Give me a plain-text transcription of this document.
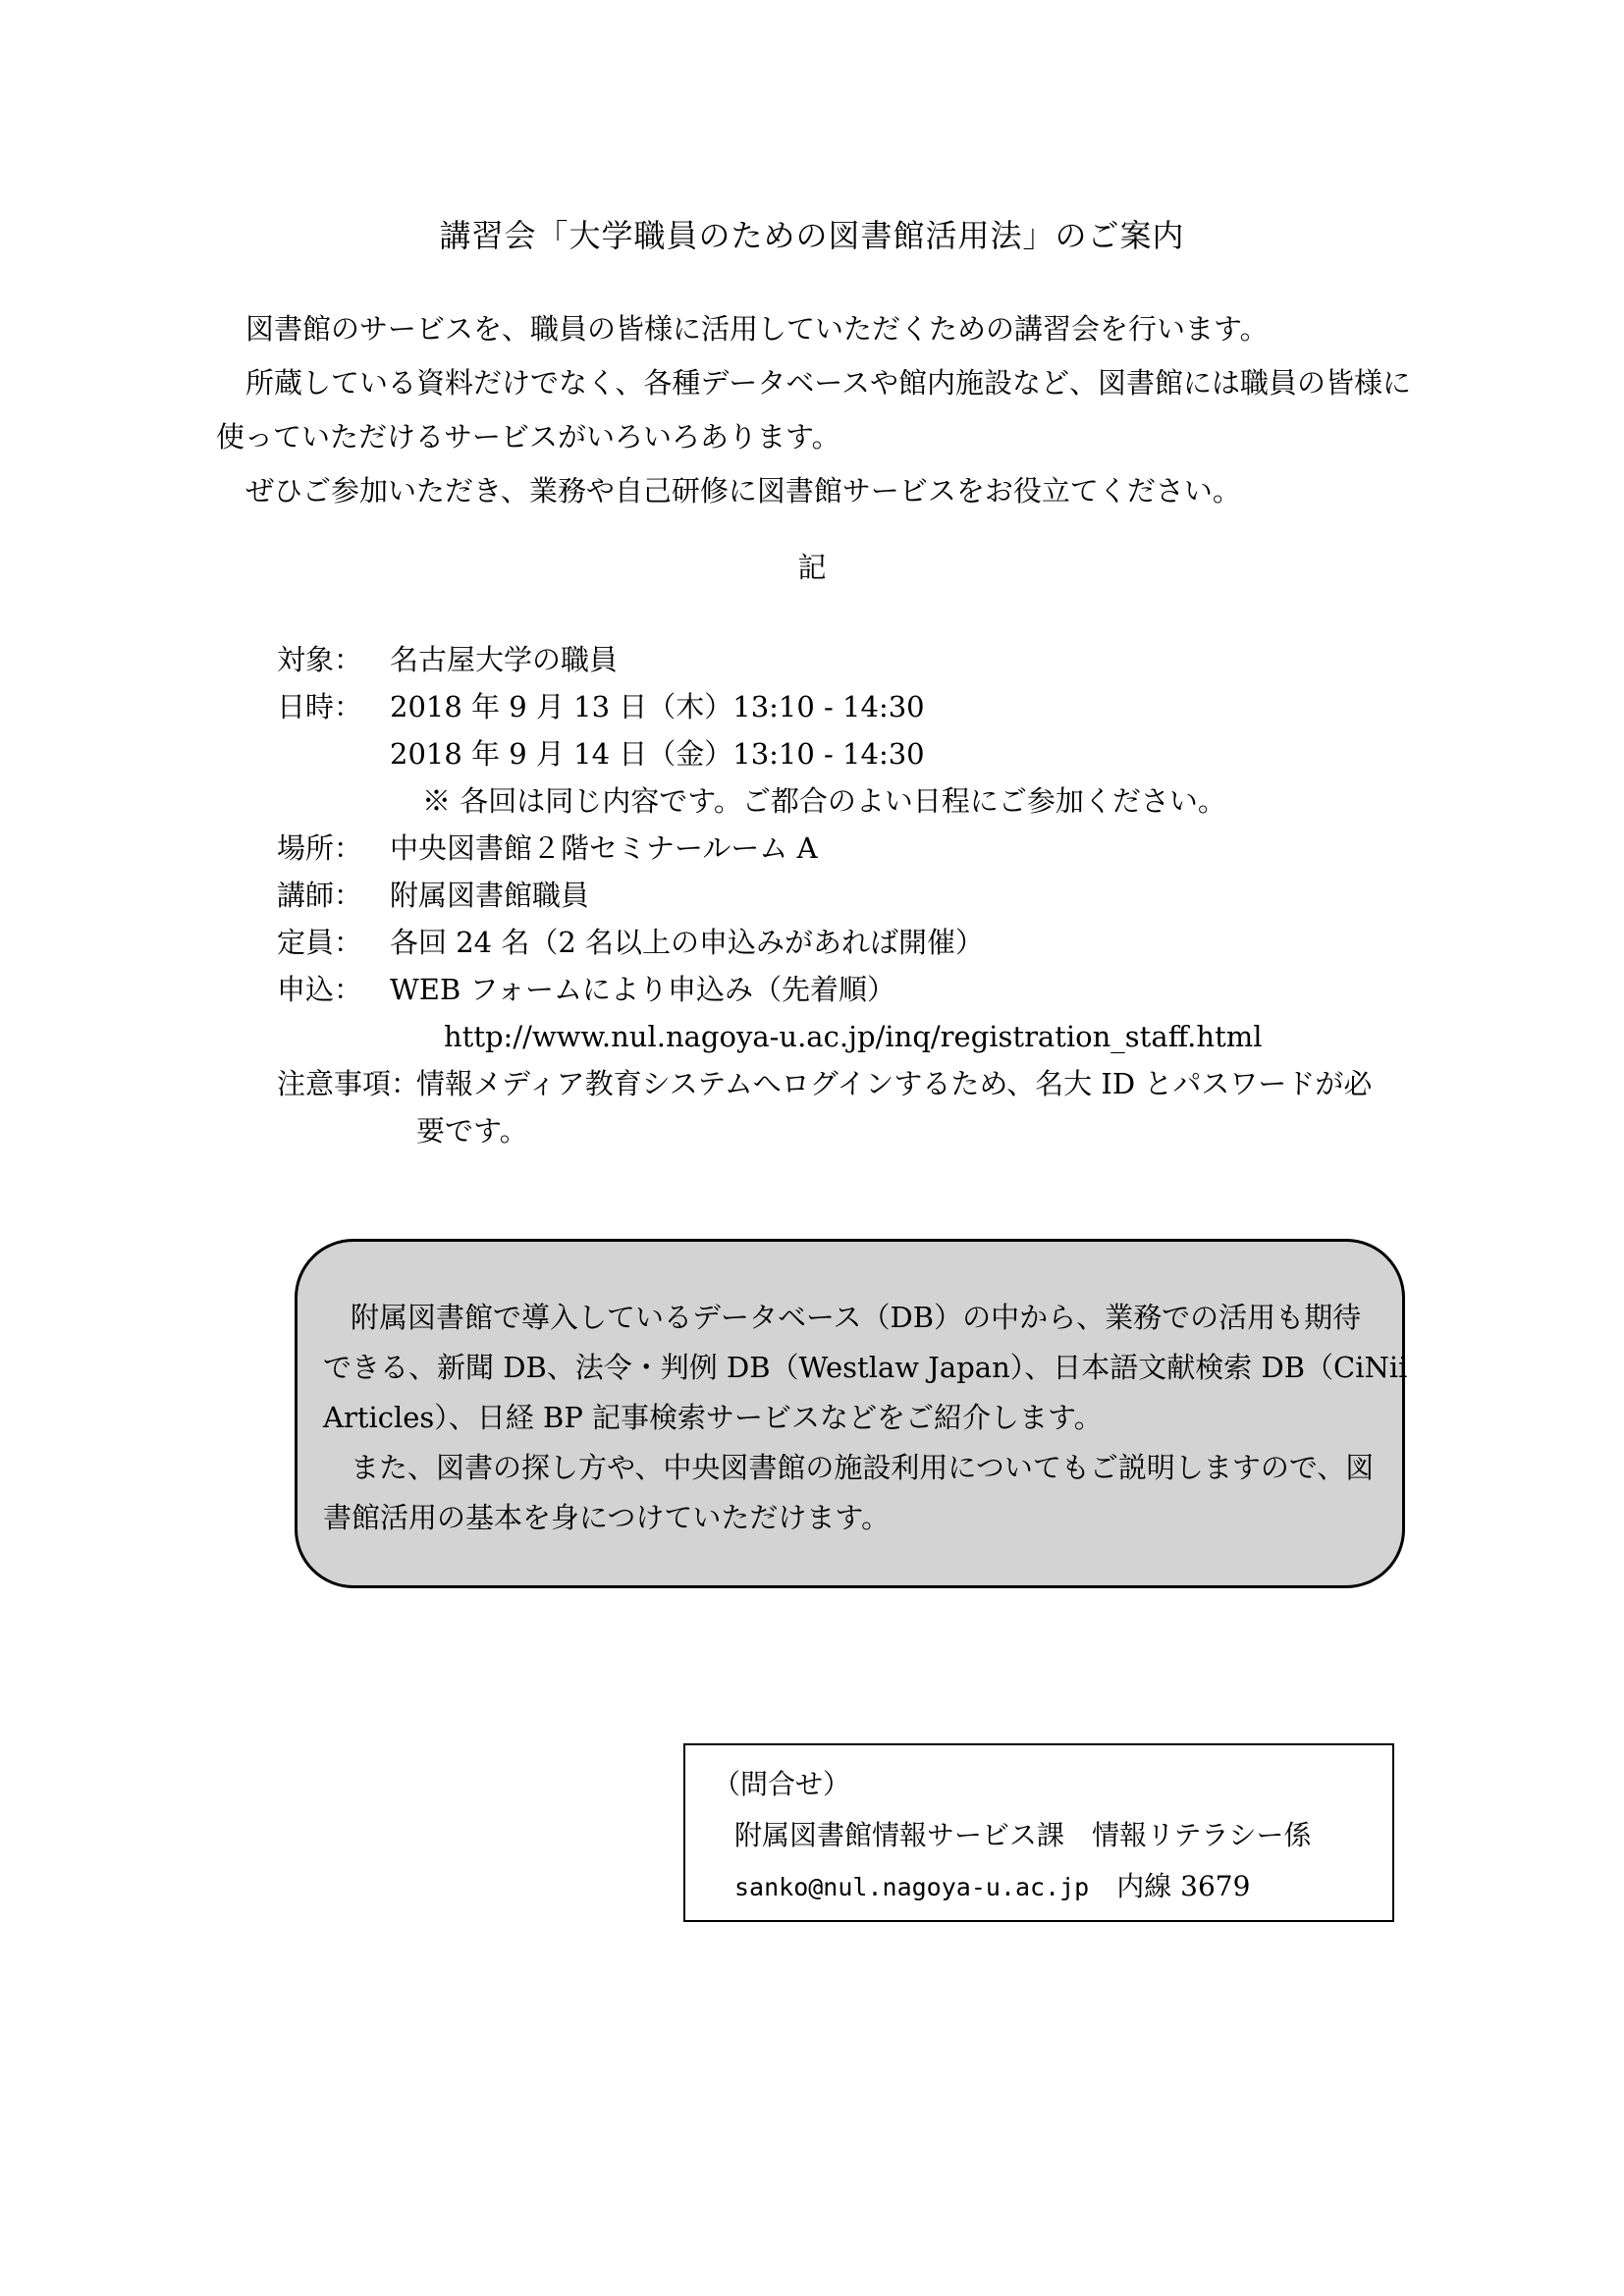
講習会「大学職員のための図書館活用法」のご案内

図書館のサービスを、職員の皆様に活用していただくための講習会を行います。

所蔵している資料だけでなく、各種データベースや館内施設など、図書館には職員の皆様に

使っていただけるサービスがいろいろあります。

ぜひご参加いただき、業務や自己研修に図書館サービスをお役立てください。

記
対象： 名古屋大学の職員
日時： 2018 年 9 月 13 日（木）13:10 - 14:30
2018 年 9 月 14 日（金）13:10 - 14:30
※ 各回は同じ内容です。ご都合のよい日程にご参加ください。
場所： 中央図書館２階セミナールーム A
講師： 附属図書館職員
定員： 各回 24 名（2 名以上の申込みがあれば開催）
申込： WEB フォームにより申込み（先着順）
http://www.nul.nagoya-u.ac.jp/inq/registration_staff.html
注意事項：
情報メディア教育システムへログインするため、名大 ID とパスワードが必要です。

附属図書館で導入しているデータベース（DB）の中から、業務での活用も期待

できる、新聞 DB、法令・判例 DB（Westlaw Japan）、日本語文献検索 DB（CiNii

Articles）、日経 BP 記事検索サービスなどをご紹介します。

また、図書の探し方や、中央図書館の施設利用についてもご説明しますので、図

書館活用の基本を身につけていただけます。

（問合せ）
附属図書館情報サービス課　情報リテラシー係
sanko@nul.nagoya-u.ac.jp　内線 3679
